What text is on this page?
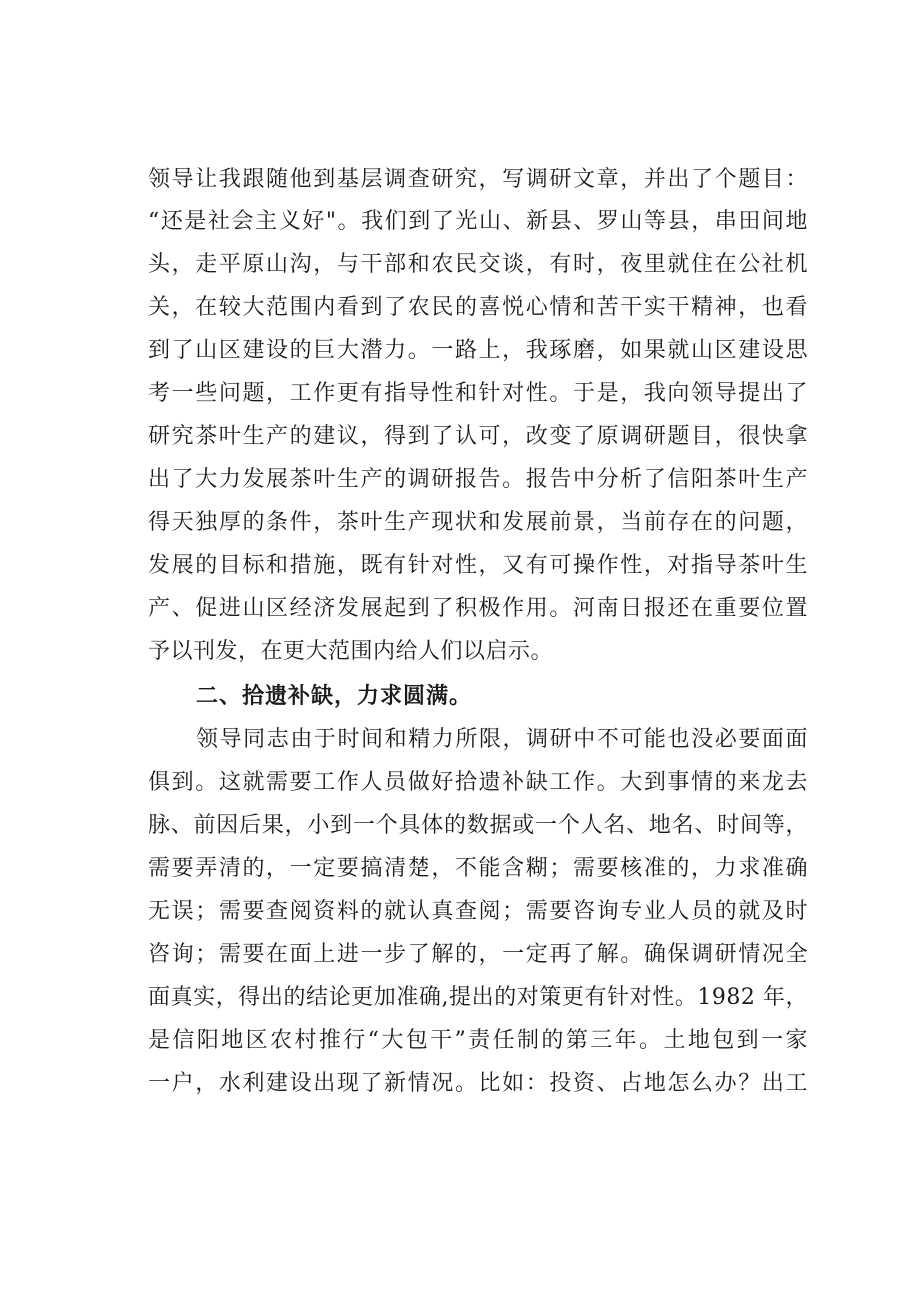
领导让我跟随他到基层调查研究，写调研文章，并出了个题目：
“还是社会主义好"。我们到了光山、新县、罗山等县，串田间地
头，走平原山沟，与干部和农民交谈，有时，夜里就住在公社机
关，在较大范围内看到了农民的喜悦心情和苦干实干精神，也看
到了山区建设的巨大潜力。一路上，我琢磨，如果就山区建设思
考一些问题，工作更有指导性和针对性。于是，我向领导提出了
研究茶叶生产的建议，得到了认可，改变了原调研题目，很快拿
出了大力发展茶叶生产的调研报告。报告中分析了信阳茶叶生产
得天独厚的条件，茶叶生产现状和发展前景，当前存在的问题，
发展的目标和措施，既有针对性，又有可操作性，对指导茶叶生
产、促进山区经济发展起到了积极作用。河南日报还在重要位置
予以刊发，在更大范围内给人们以启示。
二、拾遗补缺，力求圆满。
领导同志由于时间和精力所限，调研中不可能也没必要面面
俱到。这就需要工作人员做好拾遗补缺工作。大到事情的来龙去
脉、前因后果，小到一个具体的数据或一个人名、地名、时间等，
需要弄清的，一定要搞清楚，不能含糊；需要核准的，力求准确
无误；需要查阅资料的就认真查阅；需要咨询专业人员的就及时
咨询；需要在面上进一步了解的，一定再了解。确保调研情况全
面真实，得出的结论更加准确,提出的对策更有针对性。1982 年，
是信阳地区农村推行“大包干”责任制的第三年。土地包到一家
一户，水利建设出现了新情况。比如：投资、占地怎么办？出工
